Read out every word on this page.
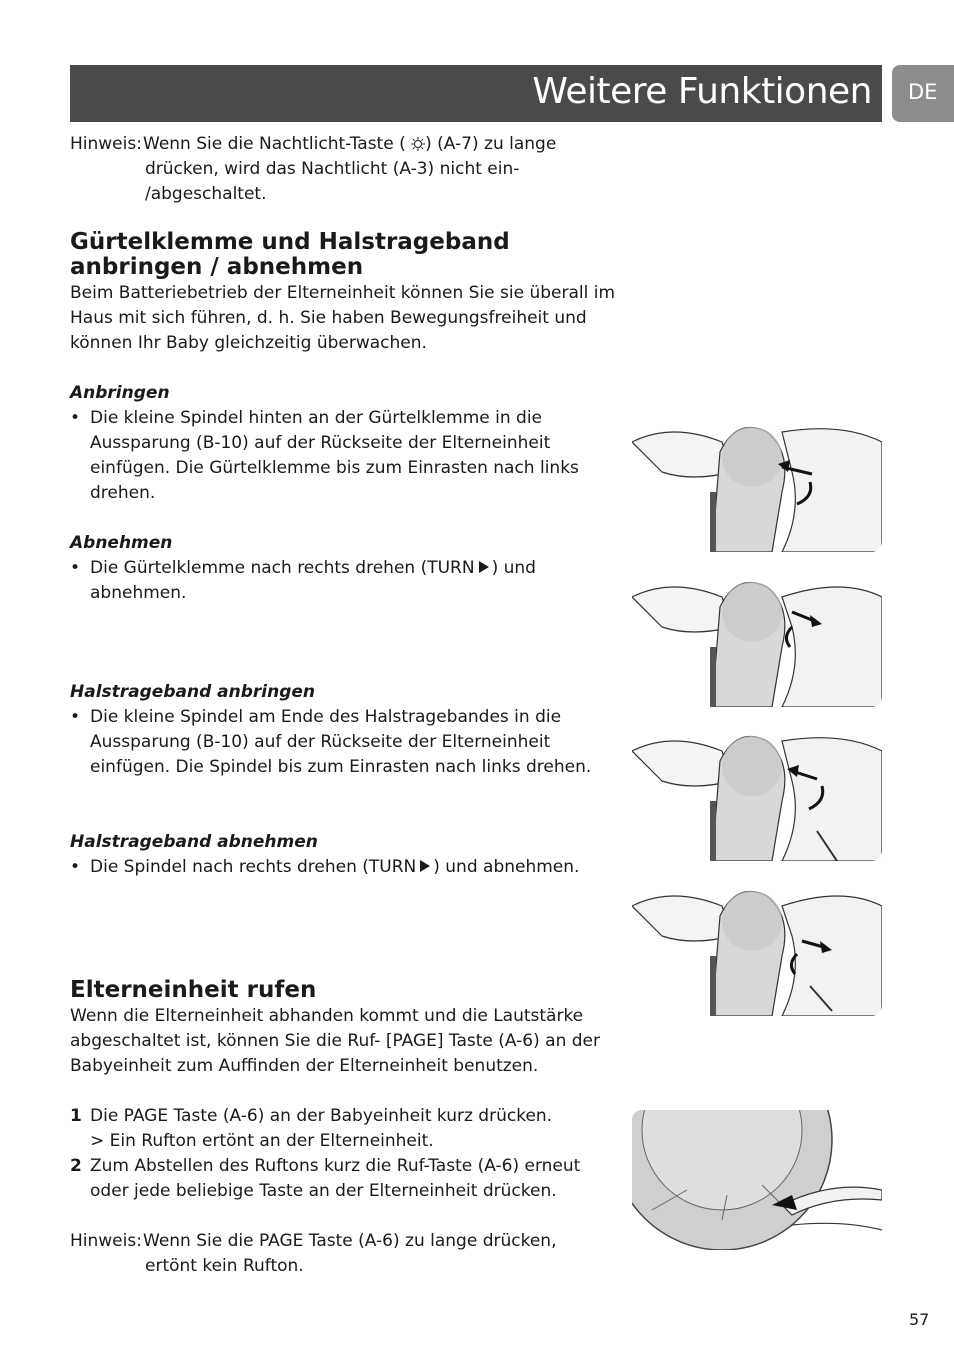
Weitere Funktionen DE
Hinweis: Wenn Sie die Nachtlicht-Taste ( ) (A-7) zu lange
drücken, wird das Nachtlicht (A-3) nicht ein-
/abgeschaltet.
Gürtelklemme und Halstrageband
anbringen / abnehmen
Beim Batteriebetrieb der Elterneinheit können Sie sie überall im
Haus mit sich führen, d. h. Sie haben Bewegungsfreiheit und
können Ihr Baby gleichzeitig überwachen.
Anbringen
• Die kleine Spindel hinten an der Gürtelklemme in die
Aussparung (B-10) auf der Rückseite der Elterneinheit
einfügen. Die Gürtelklemme bis zum Einrasten nach links
drehen.
Abnehmen
• Die Gürtelklemme nach rechts drehen (TURN ) und
abnehmen.
Halstrageband anbringen
• Die kleine Spindel am Ende des Halstragebandes in die
Aussparung (B-10) auf der Rückseite der Elterneinheit
einfügen. Die Spindel bis zum Einrasten nach links drehen.
Halstrageband abnehmen
• Die Spindel nach rechts drehen (TURN ) und abnehmen.
Elterneinheit rufen
Wenn die Elterneinheit abhanden kommt und die Lautstärke
abgeschaltet ist, können Sie die Ruf- [PAGE] Taste (A-6) an der
Babyeinheit zum Auffinden der Elterneinheit benutzen.
1 Die PAGE Taste (A-6) an der Babyeinheit kurz drücken.
> Ein Rufton ertönt an der Elterneinheit.
2 Zum Abstellen des Ruftons kurz die Ruf-Taste (A-6) erneut
oder jede beliebige Taste an der Elterneinheit drücken.
Hinweis: Wenn Sie die PAGE Taste (A-6) zu lange drücken,
ertönt kein Rufton.
57
